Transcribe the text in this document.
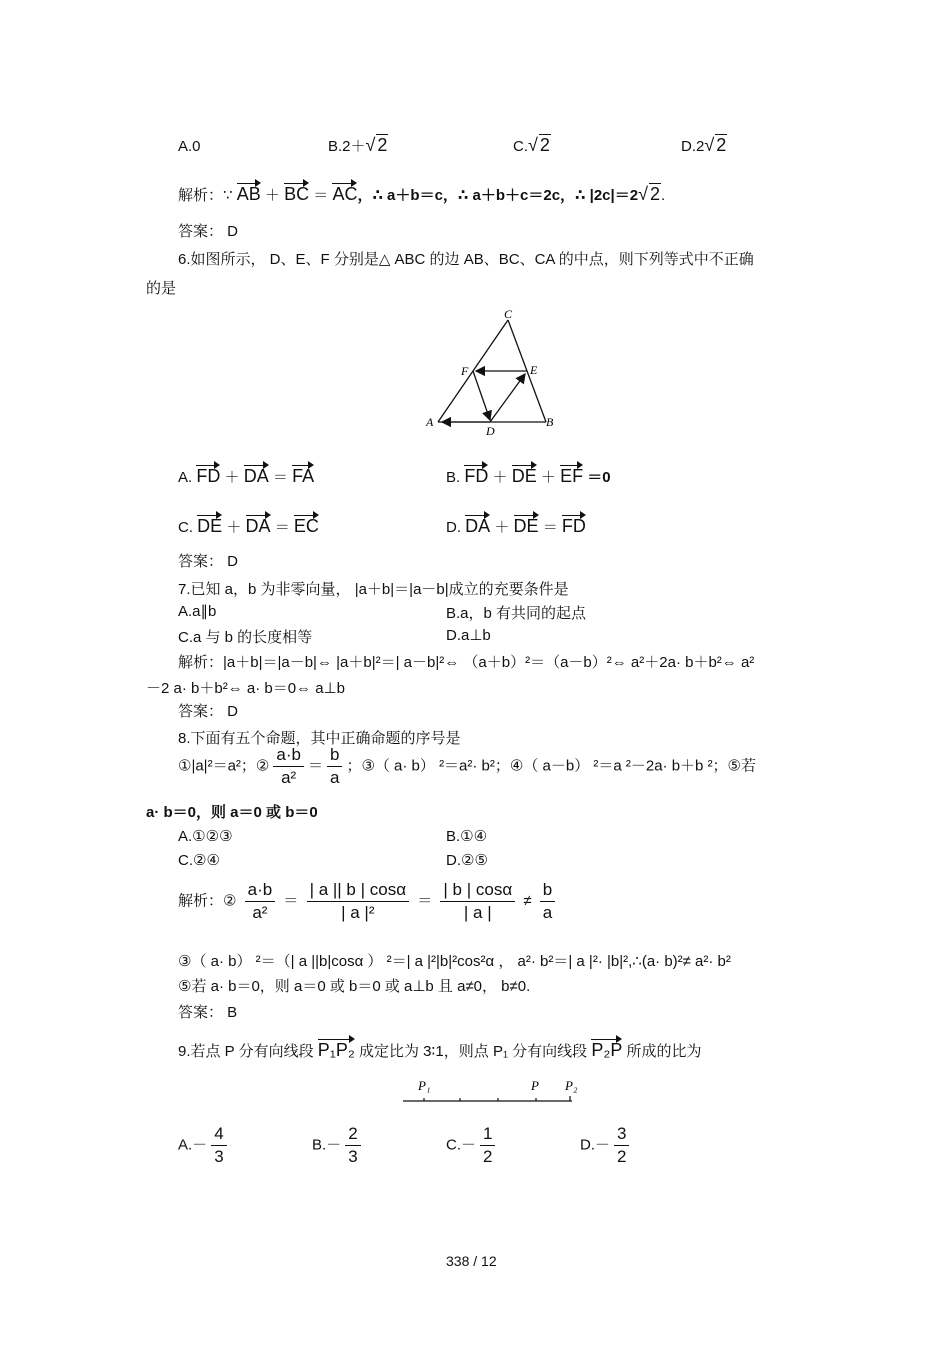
A.0	B.2＋√ 2	C.√ 2	D.2√ 2
解析：∵ AB ＋ BC ＝ AC，∴ a＋b＝c，∴ a＋b＋c＝2c，∴ |2c|＝2√ 2.
答案： D
6.如图所示， D、E、F 分别是△ ABC 的边 AB、BC、CA 的中点，则下列等式中不正确
的是
C
F	E
A
D
B
A. FD ＋ DA ＝ FA	B. FD ＋ DE ＋ EF ＝0
C. DE ＋ DA ＝ EC	D. DA ＋ DE ＝ FD
答案： D
7.已知 a，b 为非零向量， |a＋b|＝|a－b|成立的充要条件是
A.a∥b	B.a，b 有共同的起点
C.a 与 b 的长度相等	D.a⊥b
解析：|a＋b|＝|a－b|⇔ |a＋b|²＝| a－b|²⇔ （a＋b）²＝（a－b）²⇔ a²＋2a· b＋b²⇔ a²
－2 a· b＋b²⇔ a· b＝0⇔ a⊥b
答案： D
8.下面有五个命题，其中正确命题的序号是
①|a|²＝a²；② $\frac{a\cdot b}{\text{a²}} = \frac{b}{a}$ ；③（ a· b） ²＝a²· b²；④（ a－b） ²＝a ²－2a· b＋b ²；⑤若
a· b＝0，则 a＝0 或 b＝0
A.①②③	B.①④
C.②④	D.②⑤
解析：② $\frac{a\cdot b}{\text{a²}} = \frac{| a || b | \cos\alpha}{\text{| a |²}} = \frac{| b | \cos\alpha}{| a |} \ne \frac{b}{a}$
③（ a· b） ²＝（| a ||b|cosα ） ²＝| a |²|b|²cos²α ， a²· b²＝| a |²· |b|²,∴(a· b)²≠ a²· b²
⑤若 a· b＝0，则 a＝0 或 b＝0 或 a⊥b 且 a≠0， b≠0.
答案： B
9.若点 P 分有向线段 P₁P₂ 成定比为 3∶1，则点 P₁ 分有向线段 P₂P 所成的比为
P₁	P P₂
$A.- \frac{4}{3}$	$B.- \frac{2}{3}$	$C.- \frac{1}{2}$	$D.- \frac{3}{2}$
338 / 12
